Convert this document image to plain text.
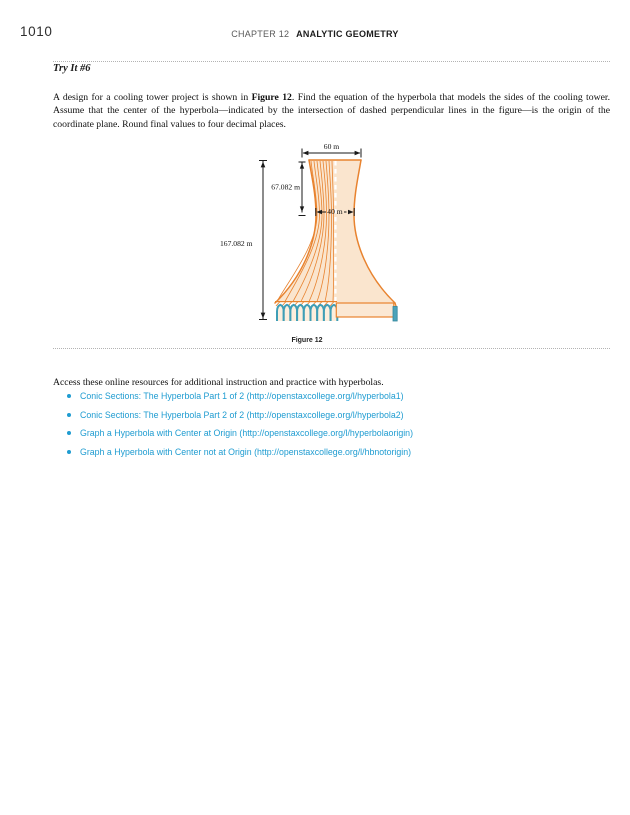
1010	CHAPTER 12 ANALYTIC GEOMETRY
Try It #6

A design for a cooling tower project is shown in Figure 12. Find the equation of the hyperbola that models the sides of the cooling tower. Assume that the center of the hyperbola—indicated by the intersection of dashed perpendicular lines in the figure—is the origin of the coordinate plane. Round final values to four decimal places.

60 m
167.082 m
67.082 m
40 m
Figure 12

Access these online resources for additional instruction and practice with hyperbolas.

Conic Sections: The Hyperbola Part 1 of 2 (http://openstaxcollege.org/l/hyperbola1)
Conic Sections: The Hyperbola Part 2 of 2 (http://openstaxcollege.org/l/hyperbola2)
Graph a Hyperbola with Center at Origin (http://openstaxcollege.org/l/hyperbolaorigin)
Graph a Hyperbola with Center not at Origin (http://openstaxcollege.org/l/hbnotorigin)
